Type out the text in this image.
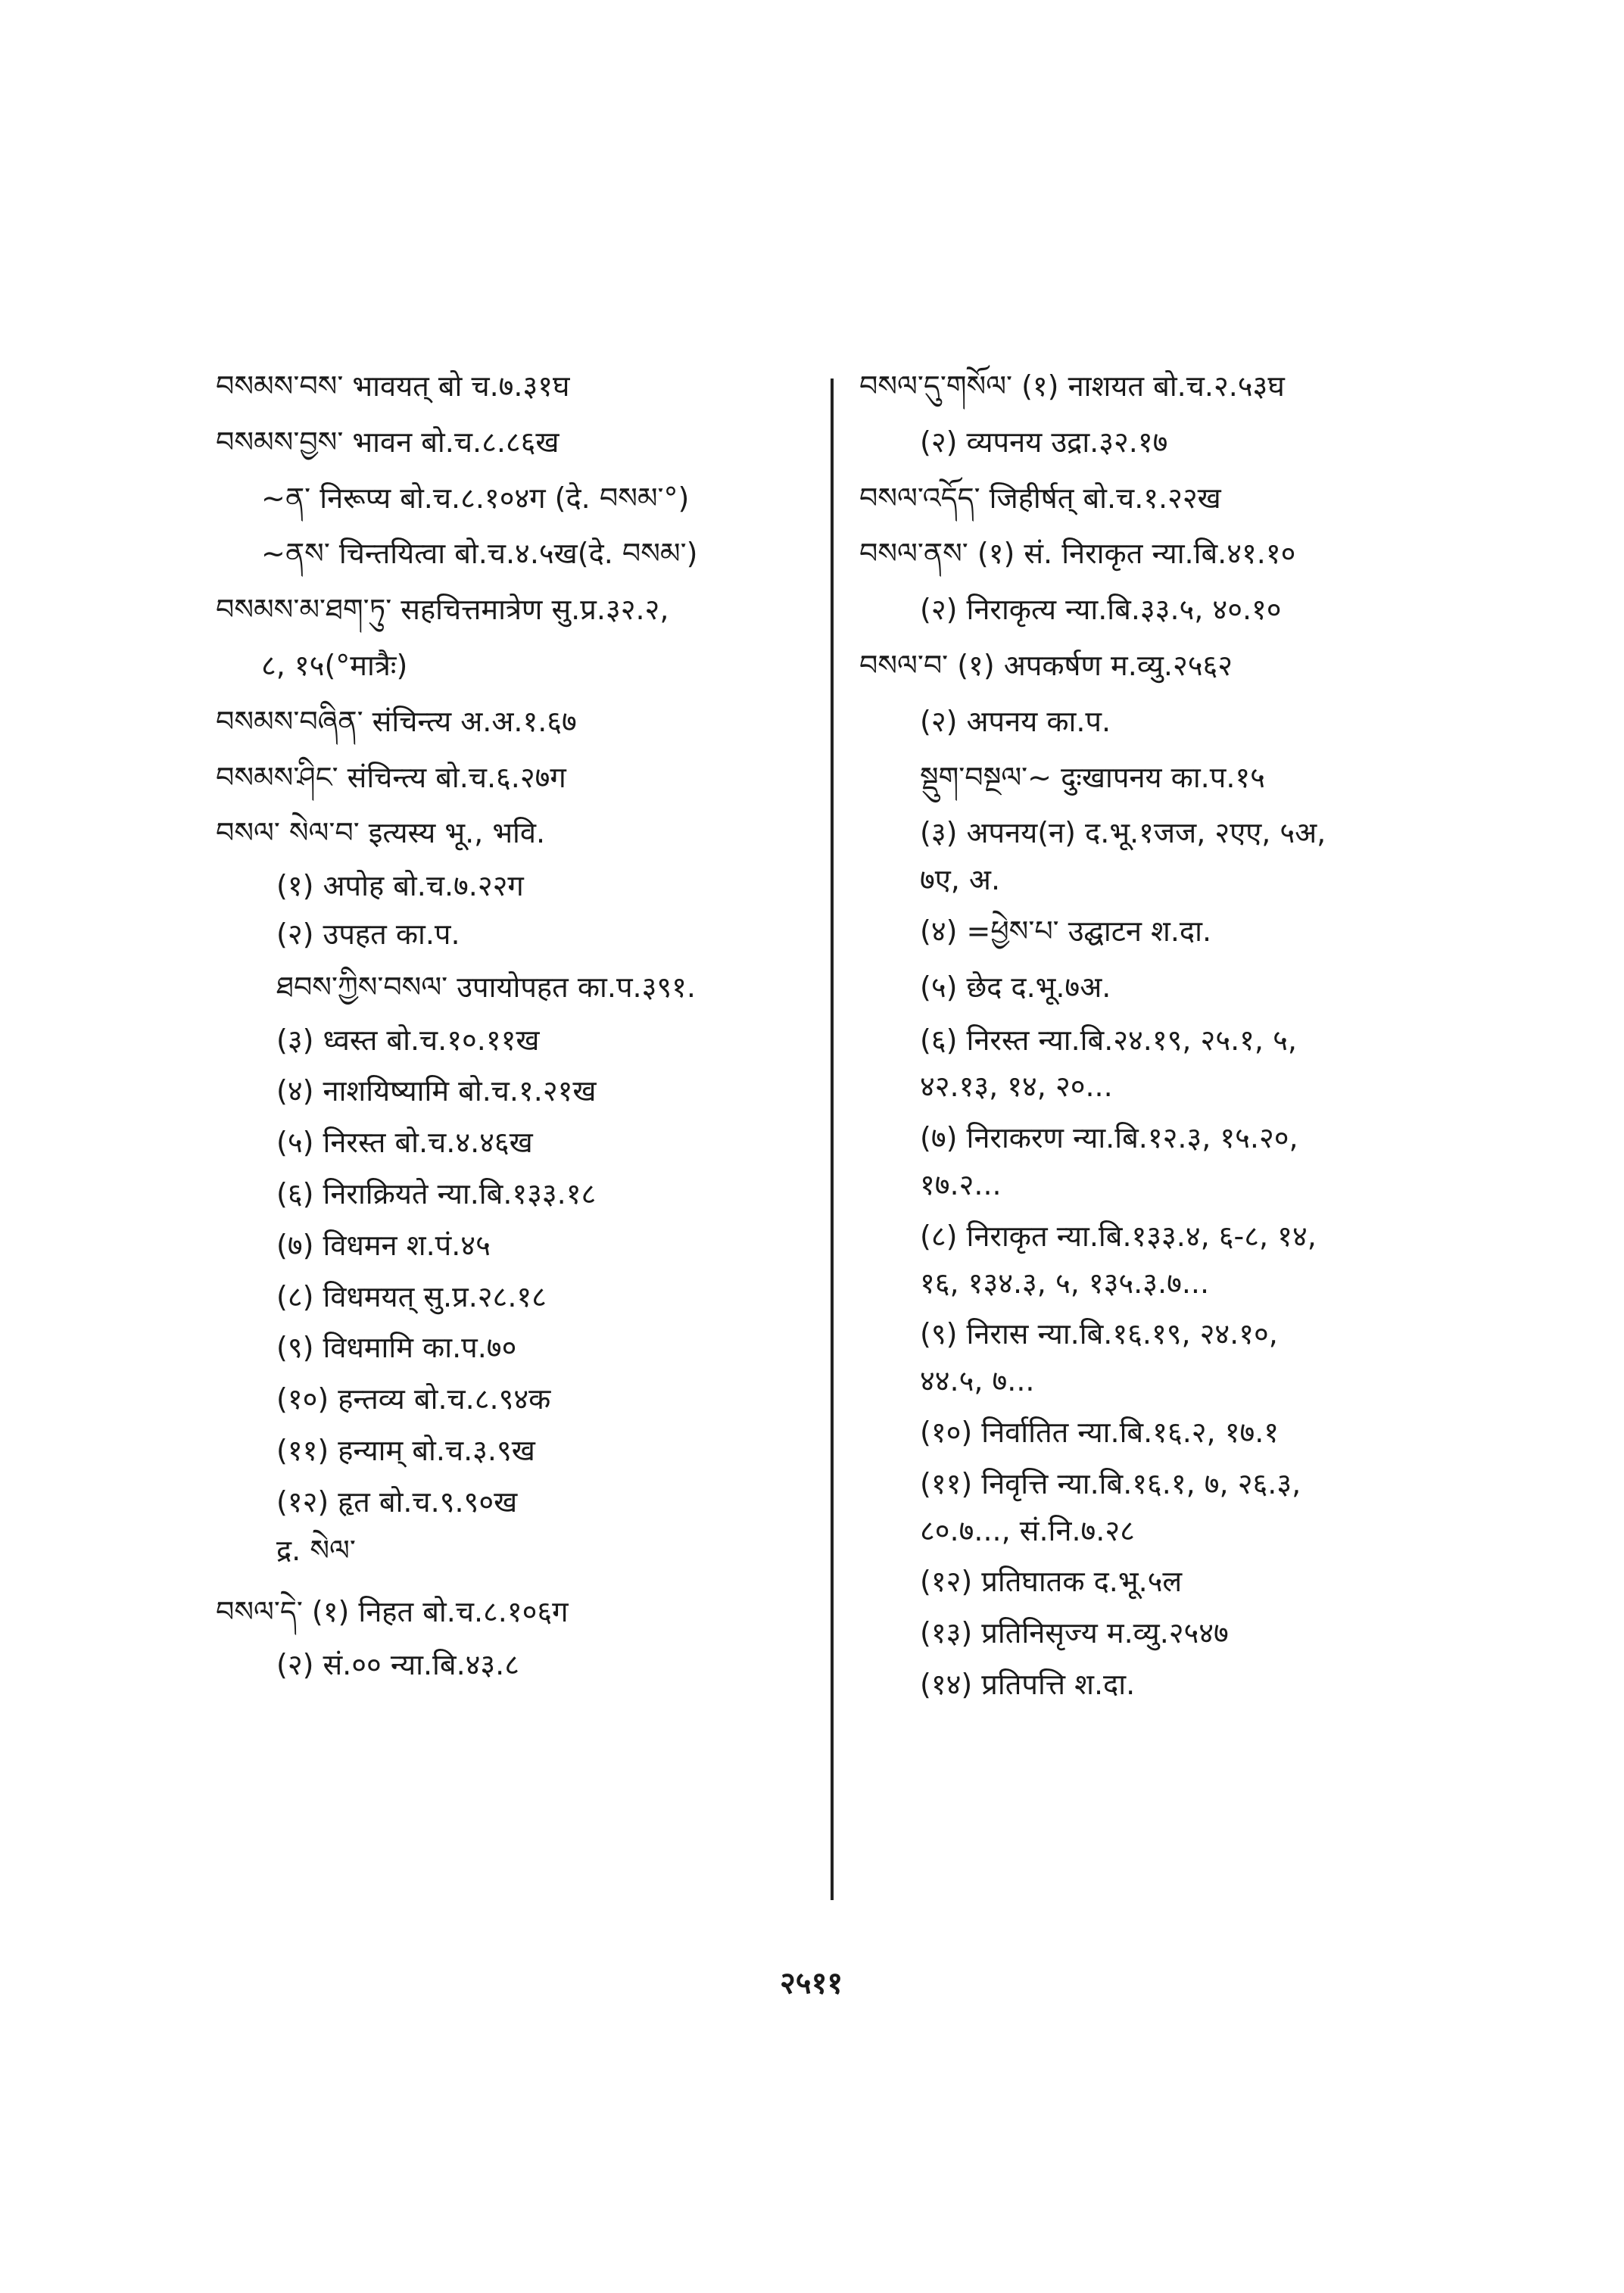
བསམས་བས་ भावयत् बो च.७.३१घ
བསམས་བྱས་ भावन बो.च.८.८६ख
~ན་ निरूप्य बो.च.८.१०४ग (दे. བསམ་°)
~ནས་ चिन्तयित्वा बो.च.४.५ख(दे. བསམ་)
བསམས་མ་ཐག་ཏུ་ सहचित्तमात्रेण सु.प्र.३२.२,
८, १५(°मात्रैः)
བསམས་བཞིན་ संचिन्त्य अ.अ.१.६७
བསམས་ཤིང་ संचिन्त्य बो.च.६.२७ग
བསལ་ སེལ་བ་ इत्यस्य भू., भवि.
(१) अपोह बो.च.७.२२ग
(२) उपहत का.प.
ཐབས་ཀྱིས་བསལ་ उपायोपहत का.प.३९१.
(३) ध्वस्त बो.च.१०.११ख
(४) नाशयिष्यामि बो.च.१.२१ख
(५) निरस्त बो.च.४.४६ख
(६) निराक्रियते न्या.बि.१३३.१८
(७) विधमन श.पं.४५
(८) विधमयत् सु.प्र.२८.१८
(९) विधमामि का.प.७०
(१०) हन्तव्य बो.च.८.९४क
(११) हन्याम् बो.च.३.९ख
(१२) हृत बो.च.९.९०ख
द्र. སེལ་
བསལ་དེ་ (१) निहत बो.च.८.१०६ग
(२) सं.०० न्या.बि.४३.८
བསལ་དུ་གསོལ་ (१) नाशयत बो.च.२.५३घ
(२) व्यपनय उद्रा.३२.१७
བསལ་འདོད་ जिहीर्षत् बो.च.१.२२ख
བསལ་ནས་ (१) सं. निराकृत न्या.बि.४१.१०
(२) निराकृत्य न्या.बि.३३.५, ४०.१०
བསལ་བ་ (१) अपकर्षण म.व्यु.२५६२
(२) अपनय का.प.
སྡུག་བསྔལ་~ दुःखापनय का.प.१५
(३) अपनय(न) द.भू.१जज, २एए, ५अ,
७ए, अ.
(४) =ཕྱེས་པ་ उद्घाटन श.दा.
(५) छेद द.भू.७अ.
(६) निरस्त न्या.बि.२४.१९, २५.१, ५,
४२.१३, १४, २०...
(७) निराकरण न्या.बि.१२.३, १५.२०,
१७.२...
(८) निराकृत न्या.बि.१३३.४, ६-८, १४,
१६, १३४.३, ५, १३५.३.७...
(९) निरास न्या.बि.१६.१९, २४.१०,
४४.५, ७...
(१०) निर्वातित न्या.बि.१६.२, १७.१
(११) निवृत्ति न्या.बि.१६.१, ७, २६.३,
८०.७..., सं.नि.७.२८
(१२) प्रतिघातक द.भू.५ल
(१३) प्रतिनिसृज्य म.व्यु.२५४७
(१४) प्रतिपत्ति श.दा.
२५११
